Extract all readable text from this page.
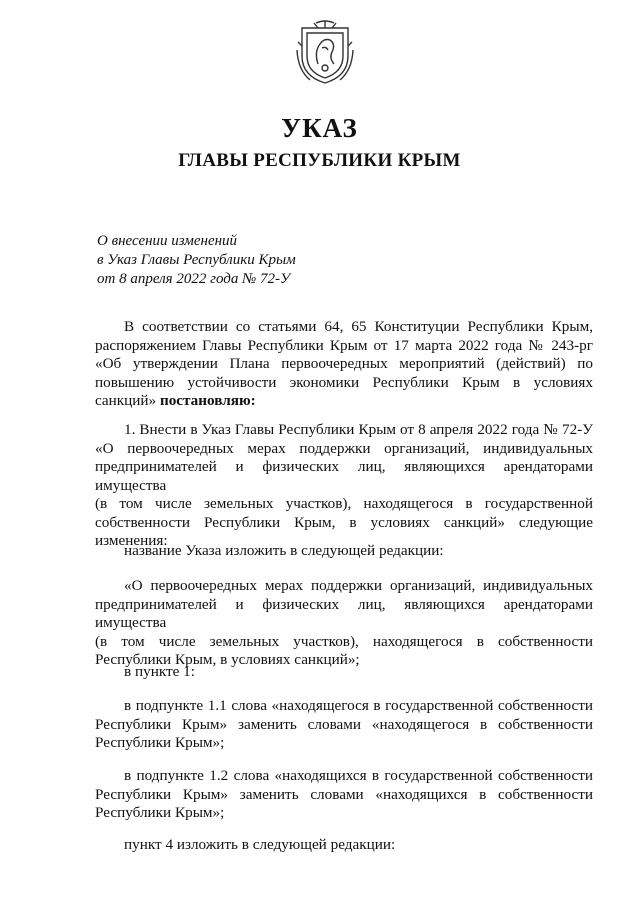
УКАЗ
ГЛАВЫ РЕСПУБЛИКИ КРЫМ
О внесении изменений
в Указ Главы Республики Крым
от 8 апреля 2022 года № 72-У
В соответствии со статьями 64, 65 Конституции Республики Крым,
распоряжением Главы Республики Крым от 17 марта 2022 года № 243-рг
«Об утверждении Плана первоочередных мероприятий (действий) по
повышению устойчивости экономики Республики Крым в условиях
санкций» постановляю:
1. Внести в Указ Главы Республики Крым от 8 апреля 2022 года № 72-У
«О первоочередных мерах поддержки организаций, индивидуальных
предпринимателей и физических лиц, являющихся арендаторами имущества
(в том числе земельных участков), находящегося в государственной
собственности Республики Крым, в условиях санкций» следующие
изменения:
название Указа изложить в следующей редакции:
«О первоочередных мерах поддержки организаций, индивидуальных
предпринимателей и физических лиц, являющихся арендаторами имущества
(в том числе земельных участков), находящегося в собственности
Республики Крым, в условиях санкций»;
в пункте 1:
в подпункте 1.1 слова «находящегося в государственной собственности
Республики Крым» заменить словами «находящегося в собственности
Республики Крым»;
в подпункте 1.2 слова «находящихся в государственной собственности
Республики Крым» заменить словами «находящихся в собственности
Республики Крым»;
пункт 4 изложить в следующей редакции:
